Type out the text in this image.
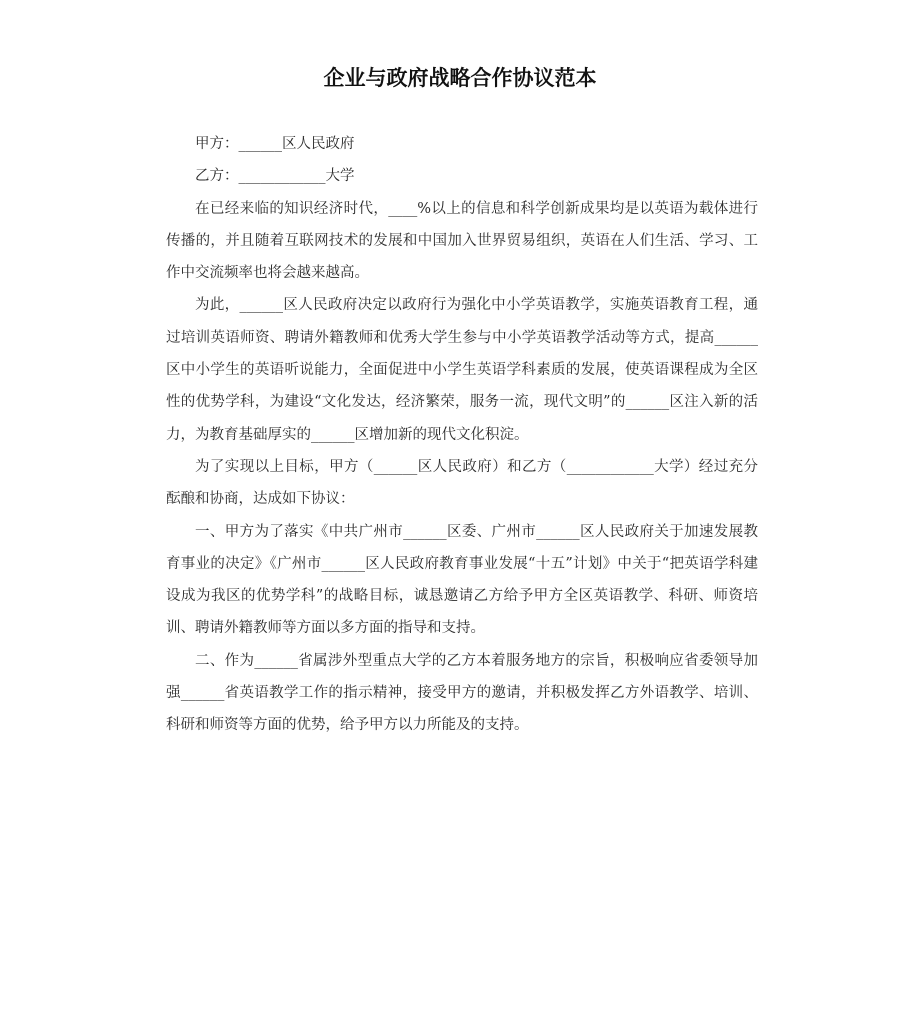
企业与政府战略合作协议范本

甲方：______区人民政府

乙方：____________大学

在已经来临的知识经济时代，____%以上的信息和科学创新成果均是以英语为载体进行传播的，并且随着互联网技术的发展和中国加入世界贸易组织，英语在人们生活、学习、工作中交流频率也将会越来越高。

为此，______区人民政府决定以政府行为强化中小学英语教学，实施英语教育工程，通过培训英语师资、聘请外籍教师和优秀大学生参与中小学英语教学活动等方式，提高______区中小学生的英语听说能力，全面促进中小学生英语学科素质的发展，使英语课程成为全区性的优势学科，为建设“文化发达，经济繁荣，服务一流，现代文明”的______区注入新的活力，为教育基础厚实的______区增加新的现代文化积淀。

为了实现以上目标，甲方（______区人民政府）和乙方（____________大学）经过充分酝酿和协商，达成如下协议：

一、甲方为了落实《中共广州市______区委、广州市______区人民政府关于加速发展教育事业的决定》《广州市______区人民政府教育事业发展“十五”计划》中关于“把英语学科建设成为我区的优势学科”的战略目标，诚恳邀请乙方给予甲方全区英语教学、科研、师资培训、聘请外籍教师等方面以多方面的指导和支持。

二、作为______省属涉外型重点大学的乙方本着服务地方的宗旨，积极响应省委领导加强______省英语教学工作的指示精神，接受甲方的邀请，并积极发挥乙方外语教学、培训、科研和师资等方面的优势，给予甲方以力所能及的支持。
